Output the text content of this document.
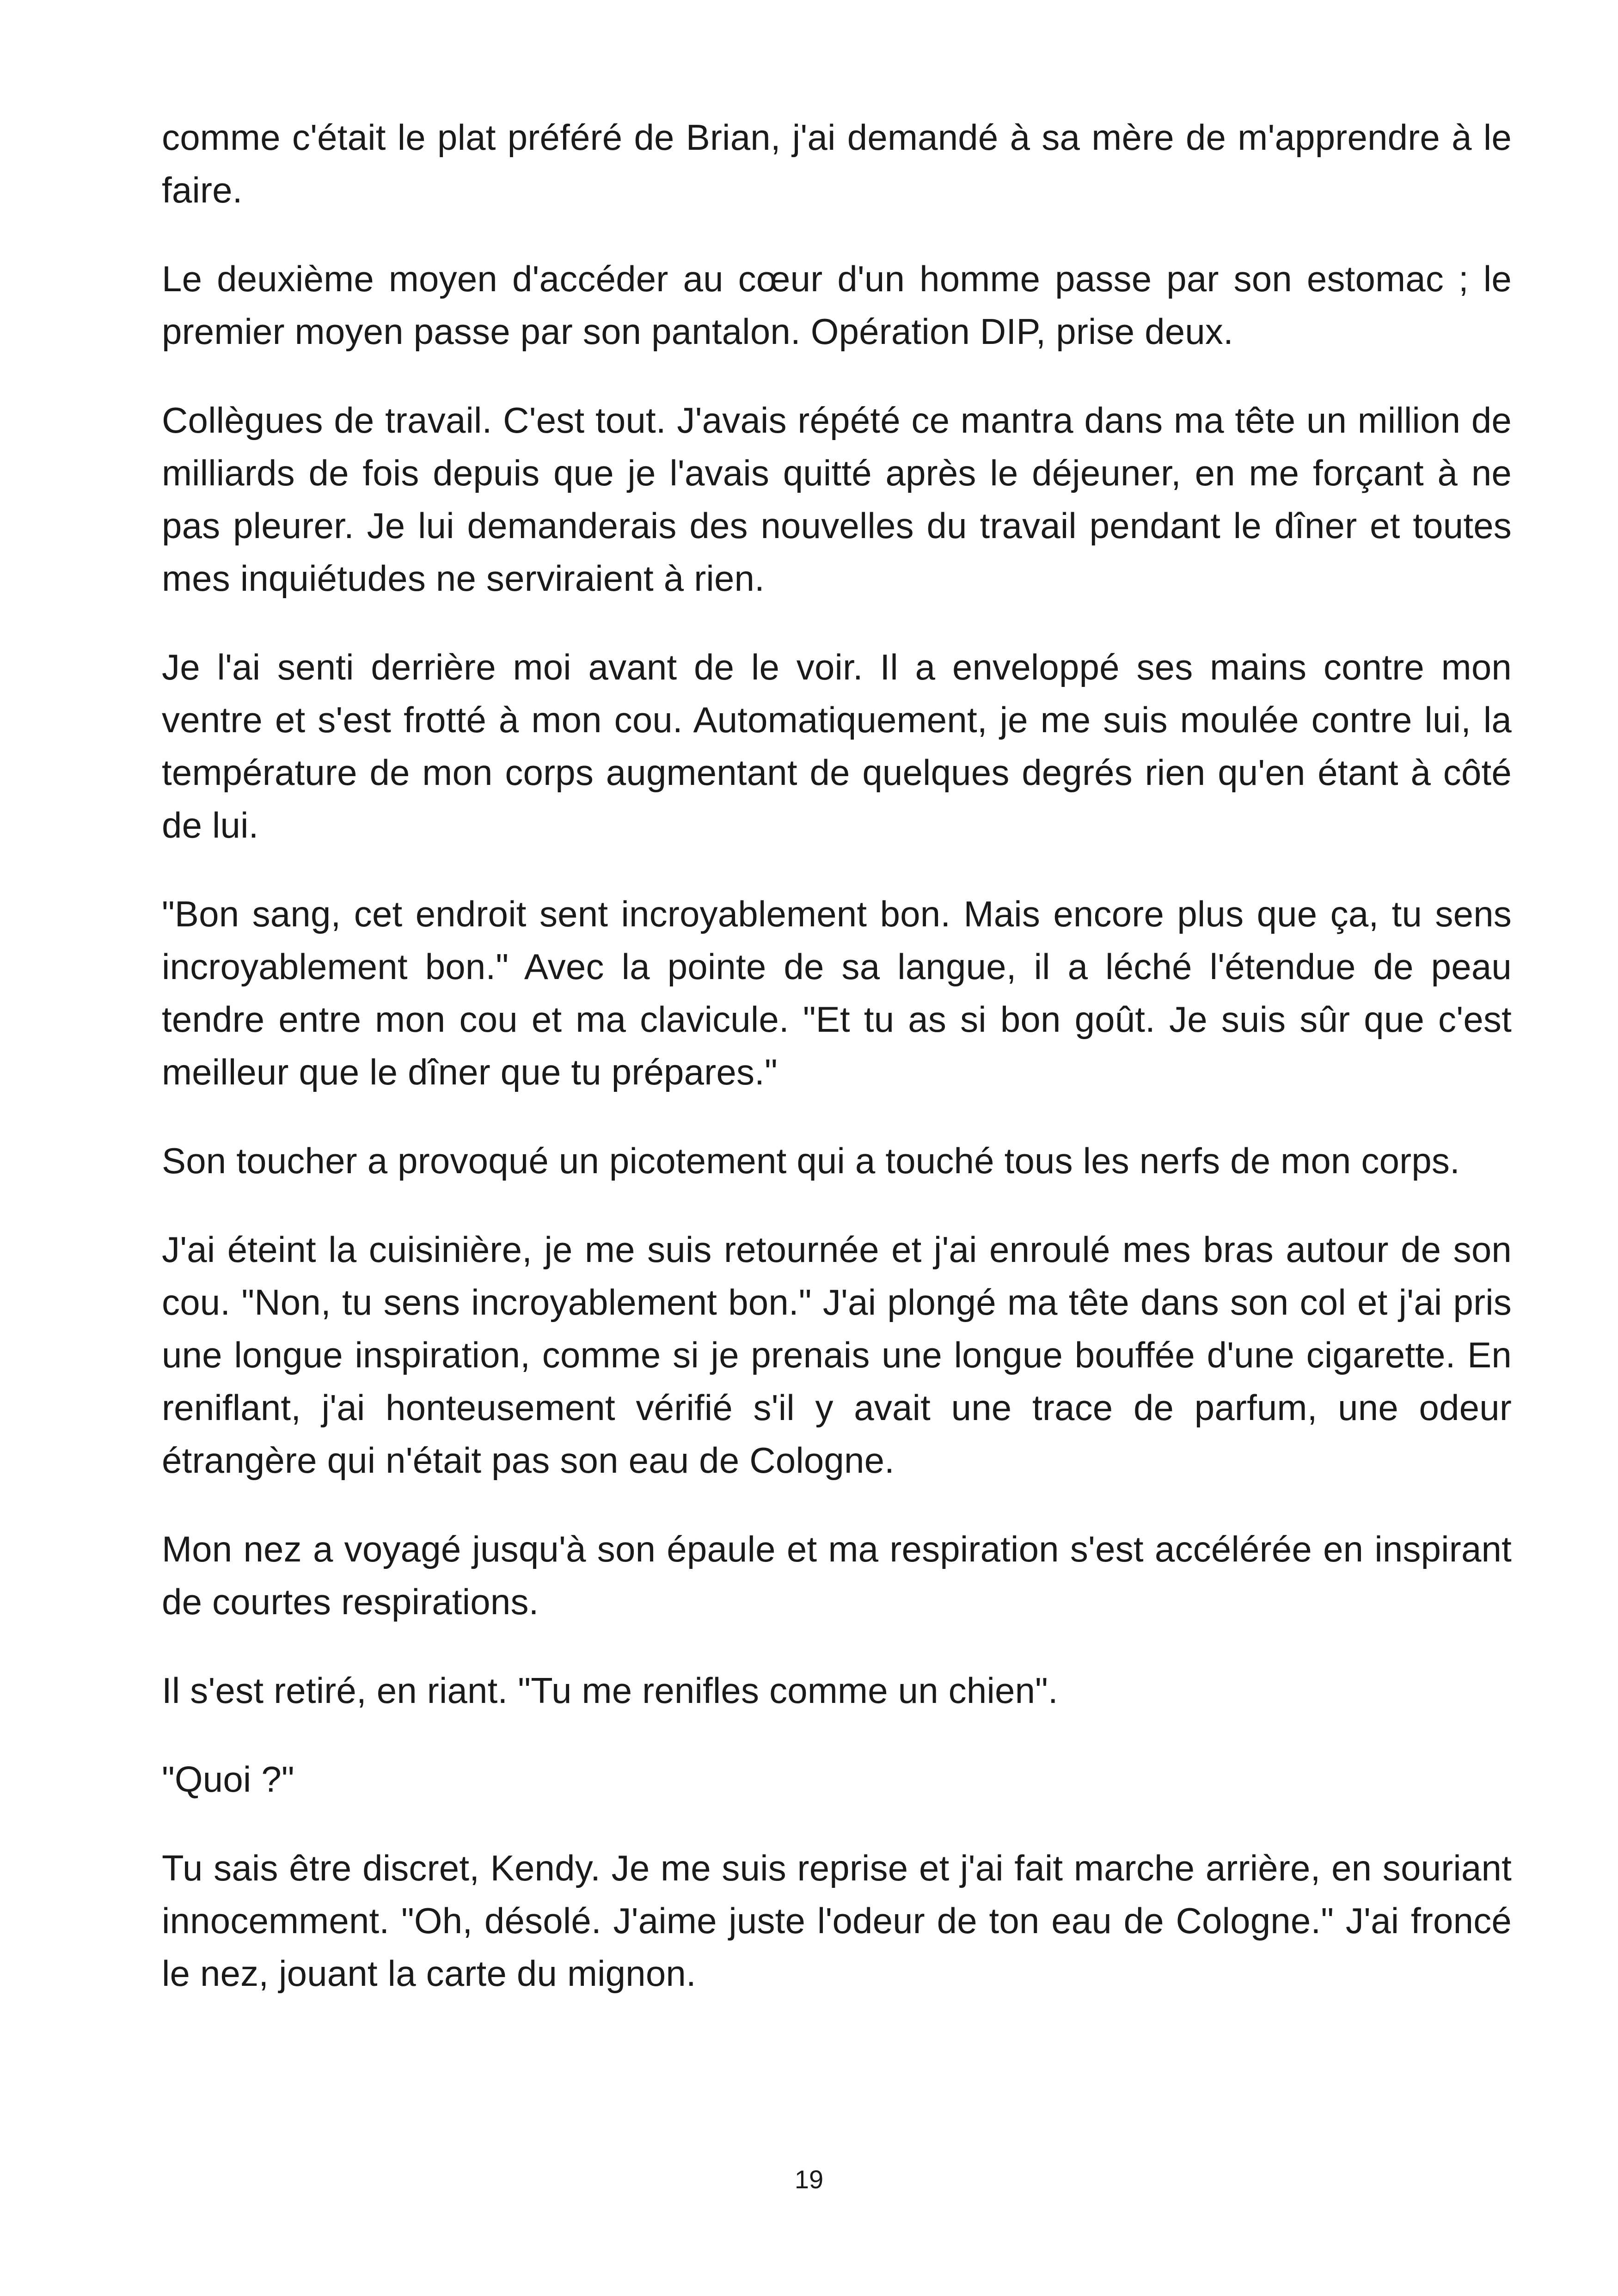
comme c'était le plat préféré de Brian, j'ai demandé à sa mère de m'apprendre à le faire.

Le deuxième moyen d'accéder au cœur d'un homme passe par son estomac ; le premier moyen passe par son pantalon. Opération DIP, prise deux.

Collègues de travail. C'est tout. J'avais répété ce mantra dans ma tête un million de milliards de fois depuis que je l'avais quitté après le déjeuner, en me forçant à ne pas pleurer. Je lui demanderais des nouvelles du travail pendant le dîner et toutes mes inquiétudes ne serviraient à rien.

Je l'ai senti derrière moi avant de le voir. Il a enveloppé ses mains contre mon ventre et s'est frotté à mon cou. Automatiquement, je me suis moulée contre lui, la température de mon corps augmentant de quelques degrés rien qu'en étant à côté de lui.

"Bon sang, cet endroit sent incroyablement bon. Mais encore plus que ça, tu sens incroyablement bon." Avec la pointe de sa langue, il a léché l'étendue de peau tendre entre mon cou et ma clavicule. "Et tu as si bon goût. Je suis sûr que c'est meilleur que le dîner que tu prépares."

Son toucher a provoqué un picotement qui a touché tous les nerfs de mon corps.

J'ai éteint la cuisinière, je me suis retournée et j'ai enroulé mes bras autour de son cou. "Non, tu sens incroyablement bon." J'ai plongé ma tête dans son col et j'ai pris une longue inspiration, comme si je prenais une longue bouffée d'une cigarette. En reniflant, j'ai honteusement vérifié s'il y avait une trace de parfum, une odeur étrangère qui n'était pas son eau de Cologne.

Mon nez a voyagé jusqu'à son épaule et ma respiration s'est accélérée en inspirant de courtes respirations.

Il s'est retiré, en riant. "Tu me renifles comme un chien".

"Quoi ?"

Tu sais être discret, Kendy. Je me suis reprise et j'ai fait marche arrière, en souriant innocemment. "Oh, désolé. J'aime juste l'odeur de ton eau de Cologne." J'ai froncé le nez, jouant la carte du mignon.

19
